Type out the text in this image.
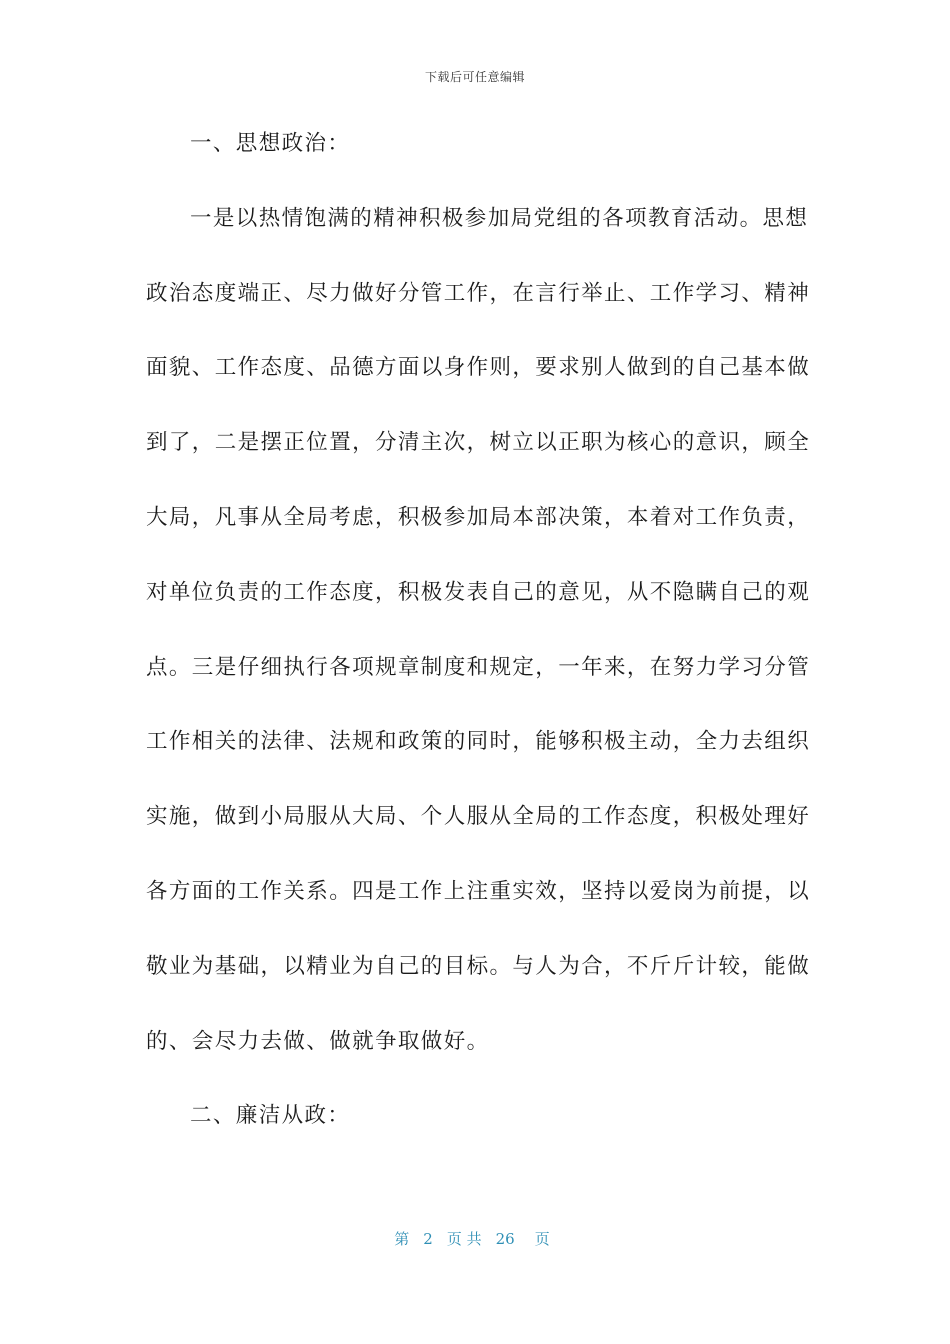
下载后可任意编辑
一、思想政治：
一是以热情饱满的精神积极参加局党组的各项教育活动。思想
政治态度端正、尽力做好分管工作，在言行举止、工作学习、精神
面貌、工作态度、品德方面以身作则，要求别人做到的自己基本做
到了，二是摆正位置，分清主次，树立以正职为核心的意识，顾全
大局，凡事从全局考虑，积极参加局本部决策，本着对工作负责，
对单位负责的工作态度，积极发表自己的意见，从不隐瞒自己的观
点。三是仔细执行各项规章制度和规定，一年来，在努力学习分管
工作相关的法律、法规和政策的同时，能够积极主动，全力去组织
实施，做到小局服从大局、个人服从全局的工作态度，积极处理好
各方面的工作关系。四是工作上注重实效，坚持以爱岗为前提，以
敬业为基础，以精业为自己的目标。与人为合，不斤斤计较，能做
的、会尽力去做、做就争取做好。
二、廉洁从政：
第 2 页 共 26 页
